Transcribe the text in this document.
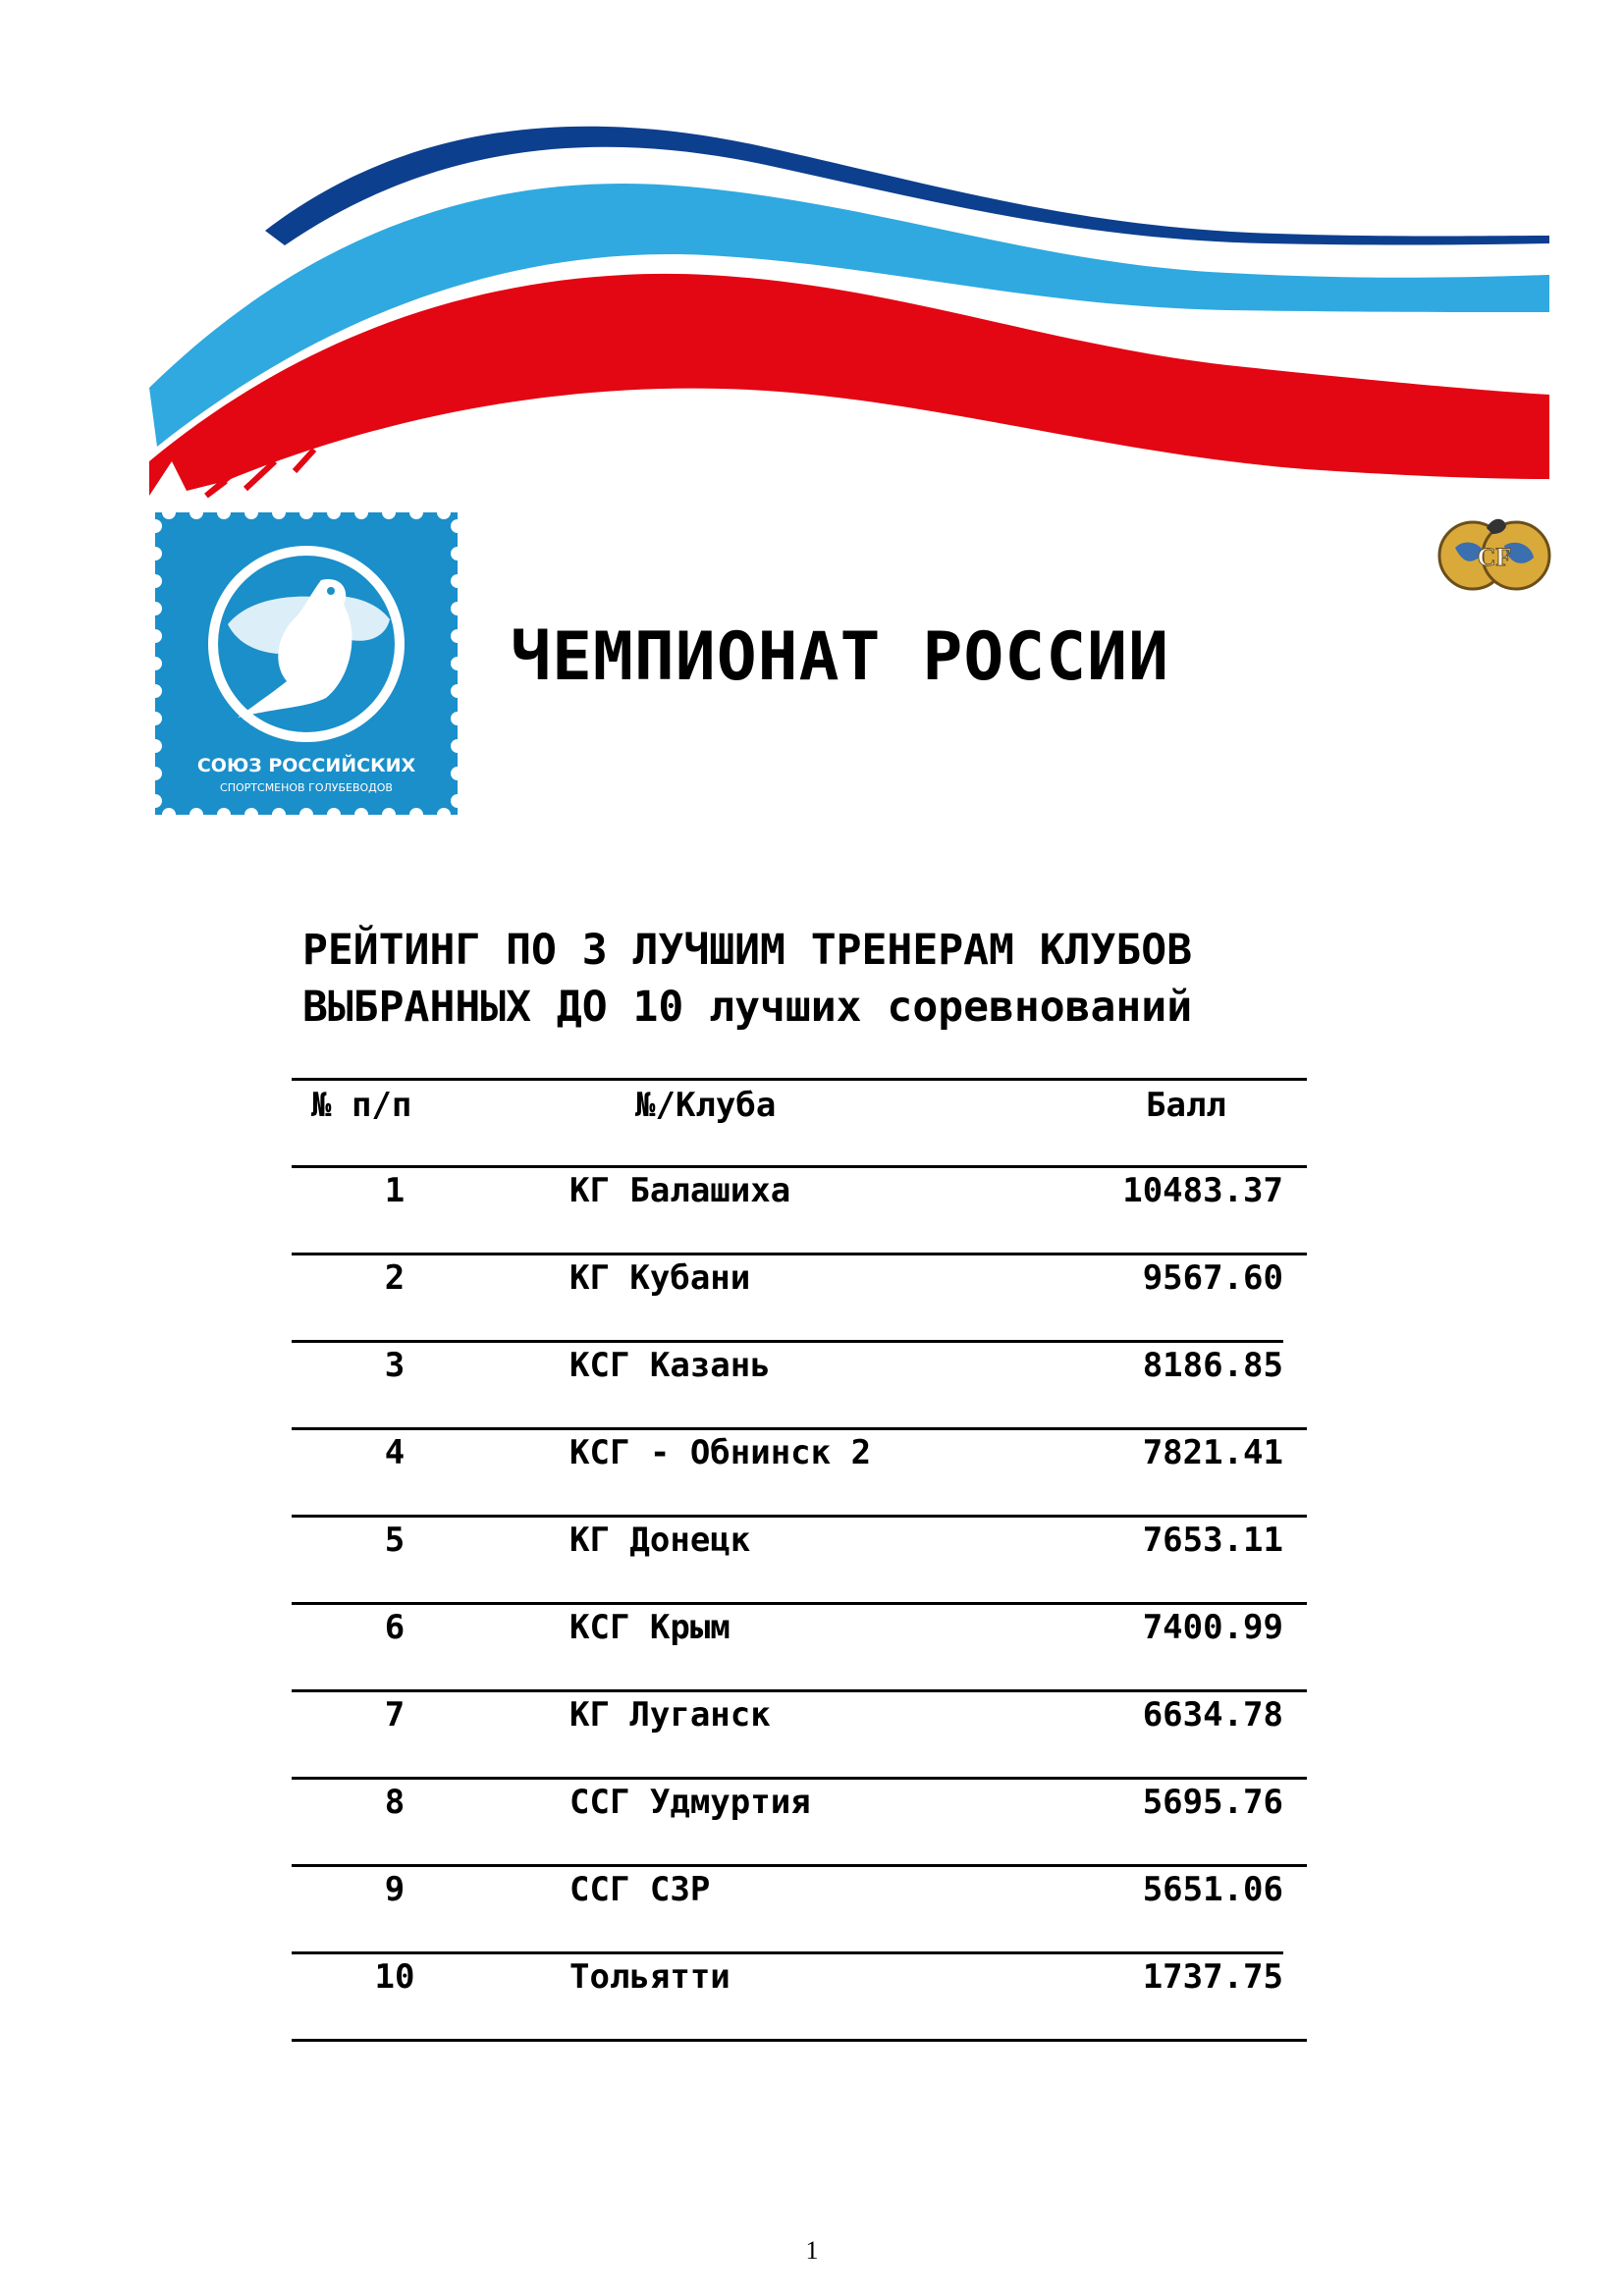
СОЮЗ РОССИЙСКИХ
СПОРТСМЕНОВ ГОЛУБЕВОДОВ
CF
ЧЕМПИОНАТ РОССИИ
РЕЙТИНГ ПО 3 ЛУЧШИМ ТРЕНЕРАМ КЛУБОВ
ВЫБРАННЫХ ДО 10 лучших соревнований
№ п/п	№/Клуба	Балл
1	КГ Балашиха	10483.37
2	КГ Кубани	9567.60
3	КСГ Казань	8186.85
4	КСГ - Обнинск 2	7821.41
5	КГ Донецк	7653.11
6	КСГ Крым	7400.99
7	КГ Луганск	6634.78
8	ССГ Удмуртия	5695.76
9	ССГ СЗР	5651.06
10	Тольятти	1737.75
1
